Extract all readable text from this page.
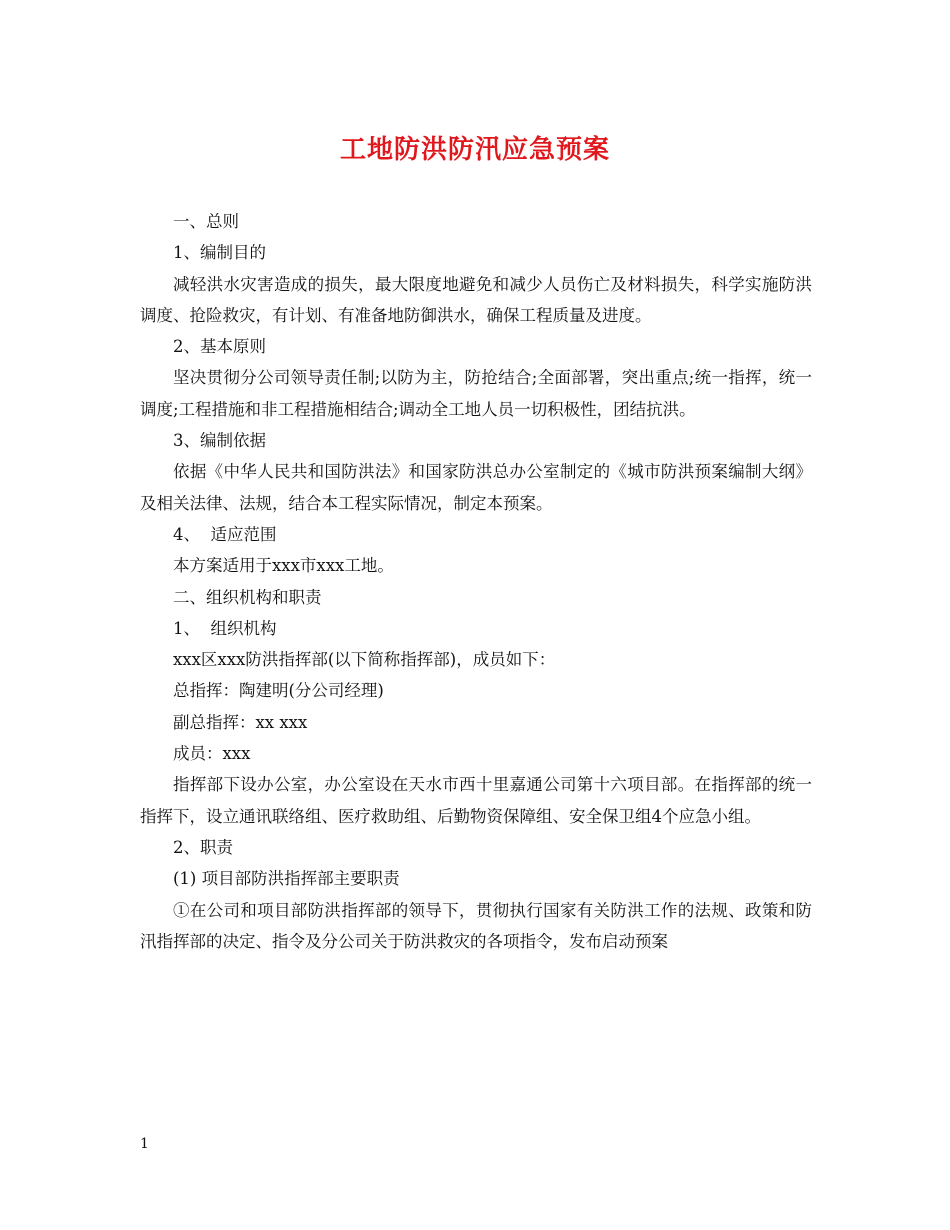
工地防洪防汛应急预案

一、总则

1、编制目的

减轻洪水灾害造成的损失，最大限度地避免和减少人员伤亡及材料损失，科学实施防洪调度、抢险救灾，有计划、有准备地防御洪水，确保工程质量及进度。

2、基本原则

坚决贯彻分公司领导责任制;以防为主，防抢结合;全面部署，突出重点;统一指挥，统一调度;工程措施和非工程措施相结合;调动全工地人员一切积极性，团结抗洪。

3、编制依据

依据《中华人民共和国防洪法》和国家防洪总办公室制定的《城市防洪预案编制大纲》及相关法律、法规，结合本工程实际情况，制定本预案。

4、  适应范围

本方案适用于xxx市xxx工地。

二、组织机构和职责

1、  组织机构

xxx区xxx防洪指挥部(以下简称指挥部)，成员如下：

总指挥：陶建明(分公司经理)

副总指挥：xx xxx

成员：xxx

指挥部下设办公室，办公室设在天水市西十里嘉通公司第十六项目部。在指挥部的统一指挥下，设立通讯联络组、医疗救助组、后勤物资保障组、安全保卫组4个应急小组。

2、职责

(1) 项目部防洪指挥部主要职责

①在公司和项目部防洪指挥部的领导下，贯彻执行国家有关防洪工作的法规、政策和防汛指挥部的决定、指令及分公司关于防洪救灾的各项指令，发布启动预案

1
